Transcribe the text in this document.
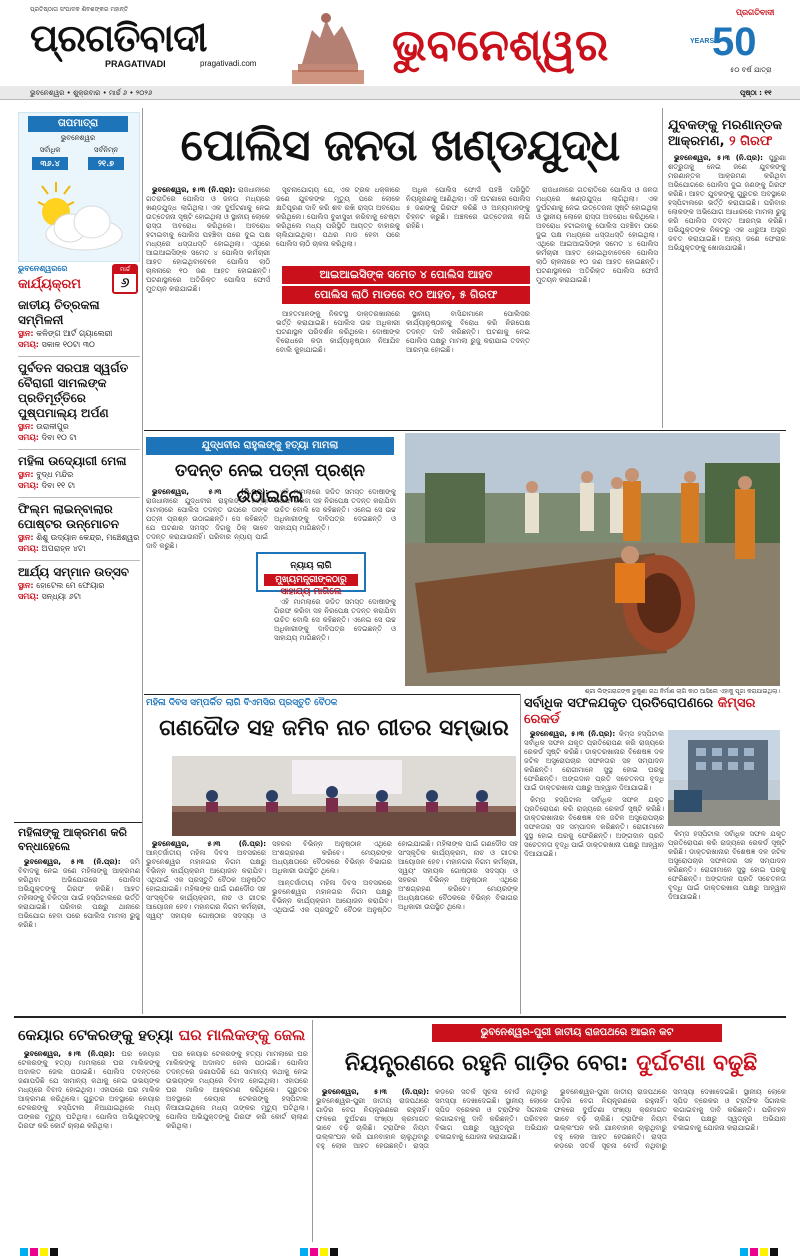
ପ୍ରତିଷ୍ଠାତା ସଂପାଦକ ଶିବଶଙ୍କର ମହାନ୍ତି
ପ୍ରଗତିବାଦୀ
PRAGATIVADI	pragativadi.com	ଭୁବନେଶ୍ୱର
ପ୍ରଗତିବାଦୀ
50
YEARS
୫୦ ବର୍ଷ ଯାତ୍ରା
ଭୁବନେଶ୍ୱର • ଶୁକ୍ରବାର • ମାର୍ଚ୍ଚ ୬ • ୨୦୨୬	ପୃଷ୍ଠା : ୧୧
ତାପମାତ୍ରା
ଭୁବନେଶ୍ୱର
ସର୍ବାଧିକ	ସର୍ବନିମ୍ନ
୩୬.୪	୨୧.୭
ଭୁବନେଶ୍ୱରରେ
କାର୍ଯ୍ୟକ୍ରମ
ମାର୍ଚ୍ଚ
୬
ଜାତୀୟ ଚିତ୍ରକଳା ସମ୍ମିଳନୀ
ସ୍ଥାନ: କଳିଙ୍ଗ ଆର୍ଟ ଗ୍ୟାଲେରୀ
ସମୟ: ସକାଳ ୧୦ଟା ୩୦
ପୁର୍ବତନ ସରପଞ୍ଚ ସ୍ୱର୍ଗତ ବୈରାଗୀ ସାମଲଙ୍କ ପ୍ରତିମୂର୍ତ୍ତିରେ ପୁଷ୍ପମାଲ୍ୟ ଅର୍ପଣ
ସ୍ଥାନ: ଉରାଳୀପୁର
ସମୟ: ଦିବା ୧୦ ଟା
ମହିଳା ଉଦେ୍ୟାଗୀ ମେଳା
ସ୍ଥାନ: ବୁଦ୍ଧ ମନ୍ଦିର
ସମୟ: ଦିବା ୧୧ ଟା
ଫିଲ୍ମ ଲାଇନ୍‌ବାଲାର ପୋଷ୍ଟର ଉନ୍ମୋଚନ
ସ୍ଥାନ: ଶିଶୁ ଉଦ୍ୟାନ କେନ୍ଦ୍ର, ମଞ୍ଚେଶ୍ୱର
ସମୟ: ଅପରାହ୍ନ ୪ଟା
ଆର୍ଯ୍ୟ ସମ୍ମାନ ଉତ୍ସବ
ସ୍ଥାନ: ହୋଟେଲ ମେ ଫେୟାର
ସମୟ: ସନ୍ଧ୍ୟା ୬ଟା
ମହିଳାଙ୍କୁ ଆକ୍ରମଣ କରି ବନ୍ଧାହେଲେ

ଭୁବନେଶ୍ୱର, ୫।୩ (ନି.ପ୍ର): ଜମି ବିବାଦକୁ ନେଇ ଜଣେ ମହିଳାଙ୍କୁ ଆକ୍ରମଣ କରିଥିବା ଅଭିଯୋଗରେ ପୋଲିସ ଅଭିଯୁକ୍ତଙ୍କୁ ଗିରଫ କରିଛି। ଆହତ ମହିଳାଙ୍କୁ ଚିକିତ୍ସା ପାଇଁ ହସ୍ପିଟାଲରେ ଭର୍ତ୍ତି କରାଯାଇଛି। ପରିବାର ପକ୍ଷରୁ ଥାନାରେ ଅଭିଯୋଗ ହେବା ପରେ ପୋଲିସ ମାମଲା ରୁଜୁ କରିଛି।

ପୋଲିସ ଜନତା ଖଣ୍ଡଯୁଦ୍ଧ

ଭୁବନେଶ୍ୱର, ୫।୩ (ନି.ପ୍ର): ରାଜଧାନୀରେ ଗତରାତିରେ ପୋଲିସ ଓ ଜନତା ମଧ୍ୟରେ ଖଣ୍ଡଯୁଦ୍ଧ ଲାଗିଥିଲା। ଏକ ଦୁର୍ଘଟଣାକୁ ନେଇ ଉତ୍ତେଜନା ସୃଷ୍ଟି ହୋଇଥିଲା ଓ ସ୍ଥାନୀୟ ଲୋକେ ରାସ୍ତା ଅବରୋଧ କରିଥିଲେ। ଅବରୋଧ ହଟାଇବାକୁ ପୋଲିସ ପହଞ୍ଚିବା ପରେ ଦୁଇ ପକ୍ଷ ମଧ୍ୟରେ ଧସ୍ତାଧସ୍ତି ହୋଇଥିଲା। ଏଥିରେ ଆଇଆଇସିଙ୍କ ସମେତ ୪ ପୋଲିସ କର୍ମଚାରୀ ଆହତ ହୋଇଥିବାବେଳେ ପୋଲିସ ଲାଠି ଚାଳନାରେ ୧୦ ଜଣ ଆହତ ହୋଇଛନ୍ତି। ଘଟଣାସ୍ଥଳରେ ଅତିରିକ୍ତ ପୋଲିସ ଫୋର୍ସ ମୁତୟନ କରାଯାଇଛି।

ସୂଚନାଯୋଗ୍ୟ ଯେ, ଏକ ଟ୍ରକ ଧକ୍କାରେ ଜଣେ ଯୁବକଙ୍କ ମୃତ୍ୟୁ ପରେ ଲୋକେ କ୍ଷତିପୂରଣ ଦାବି କରି ଶବ ରଖି ରାସ୍ତା ଅବରୋଧ କରିଥିଲେ। ପୋଲିସ ବୁଝାସୁଝା କରିବାକୁ ଚେଷ୍ଟା କରିଥିଲେ ମଧ୍ୟ ପରିସ୍ଥିତି ଆୟତ୍ତ ବାହାରକୁ ଚାଲିଯାଇଥିଲା। ପଥର ମାଡ ହେବା ପରେ ପୋଲିସ ଲାଠି ଚାଳନା କରିଥିଲା।

ଅଧିକ ପୋଲିସ ଫୋର୍ସ ପହଞ୍ଚି ପରିସ୍ଥିତି ନିୟନ୍ତ୍ରଣକୁ ଆଣିଥିଲା। ଏହି ଘଟଣାରେ ପୋଲିସ ୫ ଜଣଙ୍କୁ ଗିରଫ କରିଛି ଓ ଅନ୍ୟମାନଙ୍କୁ ଚିହ୍ନଟ କରୁଛି। ଅଞ୍ଚଳରେ ଉତ୍ତେଜନା ଲାଗି ରହିଛି।

ଆଇଆଇସିଙ୍କ ସମେତ ୪ ପୋଲିସ ଆହତ
ପୋଲିସ ଲାଠି ମାଡରେ ୧୦ ଆହତ, ୫ ଗିରଫ

ଆହତମାନଙ୍କୁ ନିକଟସ୍ଥ ଡାକ୍ତରଖାନାରେ ଭର୍ତ୍ତି କରାଯାଇଛି। ପୋଲିସ ଉଚ୍ଚ ଅଧିକାରୀ ଘଟଣାସ୍ଥଳ ପରିଦର୍ଶନ କରିଥିଲେ। ଦୋଷୀଙ୍କ ବିରୋଧରେ କଡ଼ା କାର୍ଯ୍ୟାନୁଷ୍ଠାନ ନିଆଯିବ ବୋଲି କୁହାଯାଇଛି।

ସ୍ଥାନୀୟ ବାସିନ୍ଦାମାନେ ପୋଲିସର କାର୍ଯ୍ୟାନୁଷ୍ଠାନକୁ ବିରୋଧ କରି ନିରପେକ୍ଷ ତଦନ୍ତ ଦାବି କରିଛନ୍ତି। ଘଟଣାକୁ ନେଇ ପୋଲିସ ପକ୍ଷରୁ ମାମଲା ରୁଜୁ କରାଯାଇ ତଦନ୍ତ ଆରମ୍ଭ ହୋଇଛି।

ରାଜଧାନୀରେ ଗତରାତିରେ ପୋଲିସ ଓ ଜନତା ମଧ୍ୟରେ ଖଣ୍ଡଯୁଦ୍ଧ ଲାଗିଥିଲା। ଏକ ଦୁର୍ଘଟଣାକୁ ନେଇ ଉତ୍ତେଜନା ସୃଷ୍ଟି ହୋଇଥିଲା ଓ ସ୍ଥାନୀୟ ଲୋକେ ରାସ୍ତା ଅବରୋଧ କରିଥିଲେ। ଅବରୋଧ ହଟାଇବାକୁ ପୋଲିସ ପହଞ୍ଚିବା ପରେ ଦୁଇ ପକ୍ଷ ମଧ୍ୟରେ ଧସ୍ତାଧସ୍ତି ହୋଇଥିଲା। ଏଥିରେ ଆଇଆଇସିଙ୍କ ସମେତ ୪ ପୋଲିସ କର୍ମଚାରୀ ଆହତ ହୋଇଥିବାବେଳେ ପୋଲିସ ଲାଠି ଚାଳନାରେ ୧୦ ଜଣ ଆହତ ହୋଇଛନ୍ତି। ଘଟଣାସ୍ଥଳରେ ଅତିରିକ୍ତ ପୋଲିସ ଫୋର୍ସ ମୁତୟନ କରାଯାଇଛି।

ଯୁବକଙ୍କୁ ମରଣାନ୍ତକ ଆକ୍ରମଣ, ୨ ଗିରଫ

ଭୁବନେଶ୍ୱର, ୫।୩ (ନି.ପ୍ର): ପୁରୁଣା ଶତ୍ରୁତାକୁ ନେଇ ଜଣେ ଯୁବକଙ୍କୁ ମରଣାନ୍ତକ ଆକ୍ରମଣ କରିଥିବା ଅଭିଯୋଗରେ ପୋଲିସ ଦୁଇ ଜଣଙ୍କୁ ଗିରଫ କରିଛି। ଆହତ ଯୁବକଙ୍କୁ ଗୁରୁତର ଅବସ୍ଥାରେ ହସ୍ପିଟାଲରେ ଭର୍ତ୍ତି କରାଯାଇଛି। ପରିବାର ଲୋକଙ୍କ ଅଭିଯୋଗ ଆଧାରରେ ମାମଲା ରୁଜୁ କରି ପୋଲିସ ତଦନ୍ତ ଆରମ୍ଭ କରିଛି। ଅଭିଯୁକ୍ତଙ୍କ ନିକଟରୁ ଏକ ଧାରୁଆ ଅସ୍ତ୍ର ଜବତ କରାଯାଇଛି। ଅନ୍ୟ ଜଣେ ଫେରାର ଅଭିଯୁକ୍ତଙ୍କୁ ଖୋଜାଯାଉଛି।

ଯୁଦ୍ଧବୀର ରାହୁଲଙ୍କୁ ହତ୍ୟା ମାମଲା
ତଦନ୍ତ ନେଇ ପତ୍ନୀ ପ୍ରଶ୍ନ ଉଠାଇଲେ

ଭୁବନେଶ୍ୱର, ୫।୩ (ନି.ପ୍ର): ରାଜଧାନୀରେ ଯୁଦ୍ଧବୀର ରାହୁଲଙ୍କ ହତ୍ୟା ମାମଲାରେ ପୋଲିସ ତଦନ୍ତ ଉପରେ ତାଙ୍କ ପତ୍ନୀ ପ୍ରଶ୍ନ ଉଠାଇଛନ୍ତି। ସେ କହିଛନ୍ତି ଯେ ଘଟଣାର ସମସ୍ତ ଦିଗକୁ ଠିକ୍ ଭାବେ ତଦନ୍ତ କରାଯାଉନାହିଁ। ପରିବାର ନ୍ୟାୟ ପାଇଁ ଦାବି କରୁଛି।

ଏହି ମାମଲାରେ ଜଡିତ ସମସ୍ତ ଦୋଷୀଙ୍କୁ ଗିରଫ କରିବା ସହ ନିରପେକ୍ଷ ତଦନ୍ତ କରାଯିବା ଉଚିତ ବୋଲି ସେ କହିଛନ୍ତି। ଏନେଇ ସେ ଉଚ୍ଚ ଅଧିକାରୀଙ୍କୁ ଦାବିପତ୍ର ଦେଇଛନ୍ତି ଓ ସାହାଯ୍ୟ ମାଗିଛନ୍ତି।

ନ୍ୟାୟ ଲାଗି
ମୁଖ୍ୟମନ୍ତ୍ରୀଙ୍କଠାରୁ
ସାହାଯ୍ୟ ମାଗିଲେ

ଏହି ମାମଲାରେ ଜଡିତ ସମସ୍ତ ଦୋଷୀଙ୍କୁ ଗିରଫ କରିବା ସହ ନିରପେକ୍ଷ ତଦନ୍ତ କରାଯିବା ଉଚିତ ବୋଲି ସେ କହିଛନ୍ତି। ଏନେଇ ସେ ଉଚ୍ଚ ଅଧିକାରୀଙ୍କୁ ଦାବିପତ୍ର ଦେଇଛନ୍ତି ଓ ସାହାଯ୍ୟ ମାଗିଛନ୍ତି।

ଶ୍ରୀ ଲିଙ୍ଗରାଜଙ୍କ ରୁକୁଣା ରଥ ନିର୍ମାଣ ଲାଗି କାଠ ଆସିଲେ ଏହାକୁ ପୂଜା କରାଯାଇଥିଲା।
ମହିଳା ଦିବସ ସମ୍ପର୍କିତ ଲାଗି ବିଏମସିର ପ୍ରସ୍ତୁତି ବୈଠକ
ଗଣଦୌଡ ସହ ଜମିବ ନାଚ ଗୀତର ସମ୍ଭାର

ଭୁବନେଶ୍ୱର, ୫।୩ (ନି.ପ୍ର): ଆନ୍ତର୍ଜାତୀୟ ମହିଳା ଦିବସ ଅବସରରେ ଭୁବନେଶ୍ୱର ମହାନଗର ନିଗମ ପକ୍ଷରୁ ବିଭିନ୍ନ କାର୍ଯ୍ୟକ୍ରମ ଆୟୋଜନ କରାଯିବ। ଏଥିପାଇଁ ଏକ ପ୍ରସ୍ତୁତି ବୈଠକ ଅନୁଷ୍ଠିତ ହୋଇଯାଇଛି। ମହିଳାଙ୍କ ପାଇଁ ଗଣଦୌଡ ସହ ସାଂସ୍କୃତିକ କାର୍ଯ୍ୟକ୍ରମ, ନାଚ ଓ ଗୀତର ଆୟୋଜନ ହେବ। ମହାନଗର ନିଗମ କର୍ମଚାରୀ, ସ୍ୱୟଂ ସହାୟକ ଗୋଷ୍ଠୀର ସଦସ୍ୟା ଓ ସହରର ବିଭିନ୍ନ ଅନୁଷ୍ଠାନ ଏଥିରେ ଅଂଶଗ୍ରହଣ କରିବେ। ମେୟରଙ୍କ ଅଧ୍ୟକ୍ଷତାରେ ବୈଠକରେ ବିଭିନ୍ନ ବିଭାଗର ଅଧିକାରୀ ଉପସ୍ଥିତ ଥିଲେ।

ଆନ୍ତର୍ଜାତୀୟ ମହିଳା ଦିବସ ଅବସରରେ ଭୁବନେଶ୍ୱର ମହାନଗର ନିଗମ ପକ୍ଷରୁ ବିଭିନ୍ନ କାର୍ଯ୍ୟକ୍ରମ ଆୟୋଜନ କରାଯିବ। ଏଥିପାଇଁ ଏକ ପ୍ରସ୍ତୁତି ବୈଠକ ଅନୁଷ୍ଠିତ ହୋଇଯାଇଛି। ମହିଳାଙ୍କ ପାଇଁ ଗଣଦୌଡ ସହ ସାଂସ୍କୃତିକ କାର୍ଯ୍ୟକ୍ରମ, ନାଚ ଓ ଗୀତର ଆୟୋଜନ ହେବ। ମହାନଗର ନିଗମ କର୍ମଚାରୀ, ସ୍ୱୟଂ ସହାୟକ ଗୋଷ୍ଠୀର ସଦସ୍ୟା ଓ ସହରର ବିଭିନ୍ନ ଅନୁଷ୍ଠାନ ଏଥିରେ ଅଂଶଗ୍ରହଣ କରିବେ। ମେୟରଙ୍କ ଅଧ୍ୟକ୍ଷତାରେ ବୈଠକରେ ବିଭିନ୍ନ ବିଭାଗର ଅଧିକାରୀ ଉପସ୍ଥିତ ଥିଲେ।

ସର୍ବାଧିକ ସଫଳଯକୃତ ପ୍ରତିରୋପଣରେ କିମ୍ସର ରେକର୍ଡ

ଭୁବନେଶ୍ୱର, ୫।୩ (ନି.ପ୍ର): କିମ୍ସ ହସ୍ପିଟାଲ ସର୍ବାଧିକ ସଫଳ ଯକୃତ ପ୍ରତିରୋପଣ କରି ରାଜ୍ୟରେ ରେକର୍ଡ ସୃଷ୍ଟି କରିଛି। ଡାକ୍ତରଖାନାର ବିଶେଷଜ୍ଞ ଦଳ ଜଟିଳ ଅସ୍ତ୍ରୋପଚାର ସଫଳତାର ସହ ସମ୍ପାଦନ କରିଛନ୍ତି। ରୋଗୀମାନେ ସୁସ୍ଥ ହୋଇ ଘରକୁ ଫେରିଛନ୍ତି। ଅଙ୍ଗଦାନ ପ୍ରତି ସଚେତନତା ବୃଦ୍ଧି ପାଇଁ ଡାକ୍ତରଖାନା ପକ୍ଷରୁ ଆହ୍ୱାନ ଦିଆଯାଇଛି।

କିମ୍ସ ହସ୍ପିଟାଲ ସର୍ବାଧିକ ସଫଳ ଯକୃତ ପ୍ରତିରୋପଣ କରି ରାଜ୍ୟରେ ରେକର୍ଡ ସୃଷ୍ଟି କରିଛି। ଡାକ୍ତରଖାନାର ବିଶେଷଜ୍ଞ ଦଳ ଜଟିଳ ଅସ୍ତ୍ରୋପଚାର ସଫଳତାର ସହ ସମ୍ପାଦନ କରିଛନ୍ତି। ରୋଗୀମାନେ ସୁସ୍ଥ ହୋଇ ଘରକୁ ଫେରିଛନ୍ତି। ଅଙ୍ଗଦାନ ପ୍ରତି ସଚେତନତା ବୃଦ୍ଧି ପାଇଁ ଡାକ୍ତରଖାନା ପକ୍ଷରୁ ଆହ୍ୱାନ ଦିଆଯାଇଛି।

କିମ୍ସ ହସ୍ପିଟାଲ ସର୍ବାଧିକ ସଫଳ ଯକୃତ ପ୍ରତିରୋପଣ କରି ରାଜ୍ୟରେ ରେକର୍ଡ ସୃଷ୍ଟି କରିଛି। ଡାକ୍ତରଖାନାର ବିଶେଷଜ୍ଞ ଦଳ ଜଟିଳ ଅସ୍ତ୍ରୋପଚାର ସଫଳତାର ସହ ସମ୍ପାଦନ କରିଛନ୍ତି। ରୋଗୀମାନେ ସୁସ୍ଥ ହୋଇ ଘରକୁ ଫେରିଛନ୍ତି। ଅଙ୍ଗଦାନ ପ୍ରତି ସଚେତନତା ବୃଦ୍ଧି ପାଇଁ ଡାକ୍ତରଖାନା ପକ୍ଷରୁ ଆହ୍ୱାନ ଦିଆଯାଇଛି।

କେୟାର ଟେକରଙ୍କୁ ହତ୍ୟା ଘର ମାଲିକଙ୍କୁ ଜେଲ

ଭୁବନେଶ୍ୱର, ୫।୩ (ନି.ପ୍ର): ଘର କେୟାର ଟେକରଙ୍କୁ ହତ୍ୟା ମାମଲାରେ ଘର ମାଲିକଙ୍କୁ ଅଦାଲତ ଜେଲ ପଠାଇଛି। ପୋଲିସ ତଦନ୍ତରେ ଜଣାପଡିଛି ଯେ ସାମାନ୍ୟ କଥାକୁ ନେଇ ଉଭୟଙ୍କ ମଧ୍ୟରେ ବିବାଦ ହୋଇଥିଲା। ଏହାପରେ ଘର ମାଲିକ ଆକ୍ରମଣ କରିଥିଲେ। ଗୁରୁତର ଅବସ୍ଥାରେ କେୟାର ଟେକରଙ୍କୁ ହସ୍ପିଟାଲ ନିଆଯାଇଥିଲେ ମଧ୍ୟ ତାଙ୍କର ମୃତ୍ୟୁ ଘଟିଥିଲା। ପୋଲିସ ଅଭିଯୁକ୍ତଙ୍କୁ ଗିରଫ କରି କୋର୍ଟ ଚାଲାଣ କରିଥିଲା।

ଘର କେୟାର ଟେକରଙ୍କୁ ହତ୍ୟା ମାମଲାରେ ଘର ମାଲିକଙ୍କୁ ଅଦାଲତ ଜେଲ ପଠାଇଛି। ପୋଲିସ ତଦନ୍ତରେ ଜଣାପଡିଛି ଯେ ସାମାନ୍ୟ କଥାକୁ ନେଇ ଉଭୟଙ୍କ ମଧ୍ୟରେ ବିବାଦ ହୋଇଥିଲା। ଏହାପରେ ଘର ମାଲିକ ଆକ୍ରମଣ କରିଥିଲେ। ଗୁରୁତର ଅବସ୍ଥାରେ କେୟାର ଟେକରଙ୍କୁ ହସ୍ପିଟାଲ ନିଆଯାଇଥିଲେ ମଧ୍ୟ ତାଙ୍କର ମୃତ୍ୟୁ ଘଟିଥିଲା। ପୋଲିସ ଅଭିଯୁକ୍ତଙ୍କୁ ଗିରଫ କରି କୋର୍ଟ ଚାଲାଣ କରିଥିଲା।

ଭୁବନେଶ୍ୱର-ପୁରୀ ଜାତୀୟ ରାଜପଥରେ ଆଇନ କଟ
ନିୟନ୍ତ୍ରଣରେ ରହୁନି ଗାଡ଼ିର ବେଗ: ଦୁର୍ଘଟଣା ବଢୁଛି

ଭୁବନେଶ୍ୱର, ୫।୩ (ନି.ପ୍ର): ଭୁବନେଶ୍ୱର-ପୁରୀ ଜାତୀୟ ରାଜପଥରେ ଗାଡ଼ିର ବେଗ ନିୟନ୍ତ୍ରଣରେ ରହୁନାହିଁ। ଫଳରେ ଦୁର୍ଘଟଣା ସଂଖ୍ୟା କ୍ରମାଗତ ଭାବେ ବଢ଼ି ଚାଲିଛି। ଟ୍ରାଫିକ ନିୟମ ଉଲ୍ଲଂଘନ କରି ଯାନବାହାନ ଚାଲୁଥିବାରୁ ବହୁ ଲୋକ ଆହତ ହେଉଛନ୍ତି। ରାସ୍ତା କଡ଼ରେ ସତର୍କ ସୂଚନା ବୋର୍ଡ ନଥିବାରୁ ସମସ୍ୟା ଦେଖାଦେଇଛି। ସ୍ଥାନୀୟ ଲୋକେ ସ୍ପିଡ ବ୍ରେକର ଓ ଟ୍ରାଫିକ ସିଗନାଲ ଲଗାଇବାକୁ ଦାବି କରିଛନ୍ତି। ପରିବହନ ବିଭାଗ ପକ୍ଷରୁ ସ୍ୱତନ୍ତ୍ର ଅଭିଯାନ ଚଳାଇବାକୁ ଯୋଜନା କରାଯାଇଛି।

ଭୁବନେଶ୍ୱର-ପୁରୀ ଜାତୀୟ ରାଜପଥରେ ଗାଡ଼ିର ବେଗ ନିୟନ୍ତ୍ରଣରେ ରହୁନାହିଁ। ଫଳରେ ଦୁର୍ଘଟଣା ସଂଖ୍ୟା କ୍ରମାଗତ ଭାବେ ବଢ଼ି ଚାଲିଛି। ଟ୍ରାଫିକ ନିୟମ ଉଲ୍ଲଂଘନ କରି ଯାନବାହାନ ଚାଲୁଥିବାରୁ ବହୁ ଲୋକ ଆହତ ହେଉଛନ୍ତି। ରାସ୍ତା କଡ଼ରେ ସତର୍କ ସୂଚନା ବୋର୍ଡ ନଥିବାରୁ ସମସ୍ୟା ଦେଖାଦେଇଛି। ସ୍ଥାନୀୟ ଲୋକେ ସ୍ପିଡ ବ୍ରେକର ଓ ଟ୍ରାଫିକ ସିଗନାଲ ଲଗାଇବାକୁ ଦାବି କରିଛନ୍ତି। ପରିବହନ ବିଭାଗ ପକ୍ଷରୁ ସ୍ୱତନ୍ତ୍ର ଅଭିଯାନ ଚଳାଇବାକୁ ଯୋଜନା କରାଯାଇଛି।
